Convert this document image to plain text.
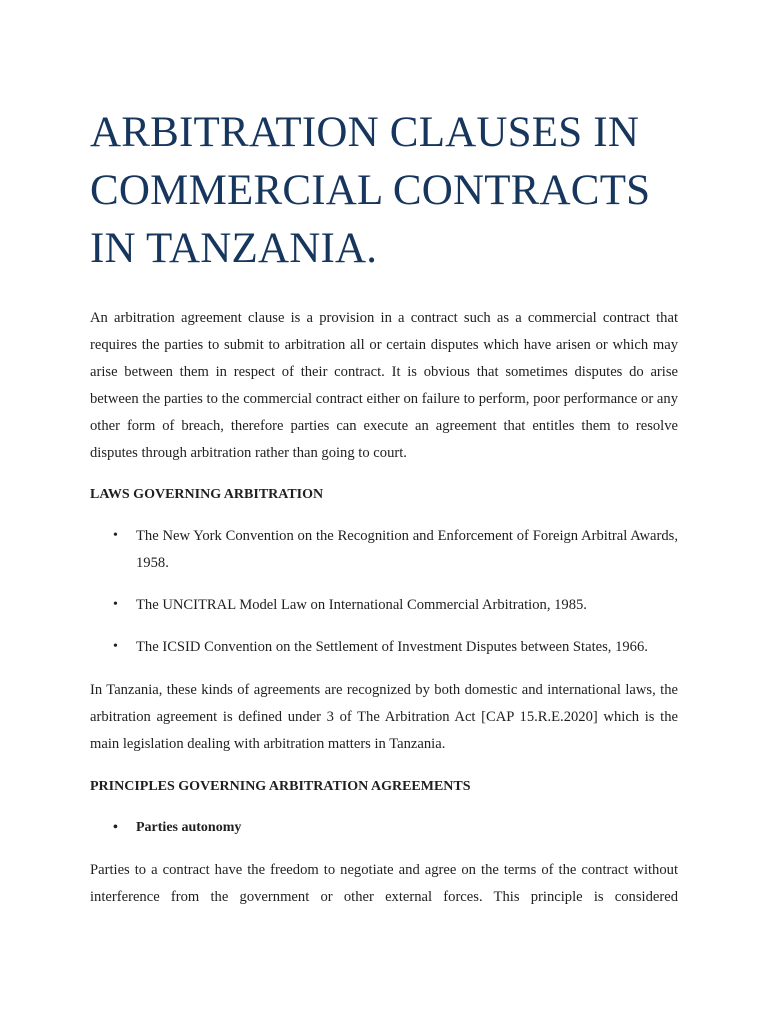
ARBITRATION CLAUSES IN COMMERCIAL CONTRACTS IN TANZANIA.

An arbitration agreement clause is a provision in a contract such as a commercial contract that requires the parties to submit to arbitration all or certain disputes which have arisen or which may arise between them in respect of their contract. It is obvious that sometimes disputes do arise between the parties to the commercial contract either on failure to perform, poor performance or any other form of breach, therefore parties can execute an agreement that entitles them to resolve disputes through arbitration rather than going to court.

LAWS GOVERNING ARBITRATION

• The New York Convention on the Recognition and Enforcement of Foreign Arbitral Awards, 1958.

• The UNCITRAL Model Law on International Commercial Arbitration, 1985.

• The ICSID Convention on the Settlement of Investment Disputes between States, 1966.

In Tanzania, these kinds of agreements are recognized by both domestic and international laws, the arbitration agreement is defined under 3 of The Arbitration Act [CAP 15.R.E.2020] which is the main legislation dealing with arbitration matters in Tanzania.

PRINCIPLES GOVERNING ARBITRATION AGREEMENTS

• Parties autonomy

Parties to a contract have the freedom to negotiate and agree on the terms of the contract without interference from the government or other external forces. This principle is considered
